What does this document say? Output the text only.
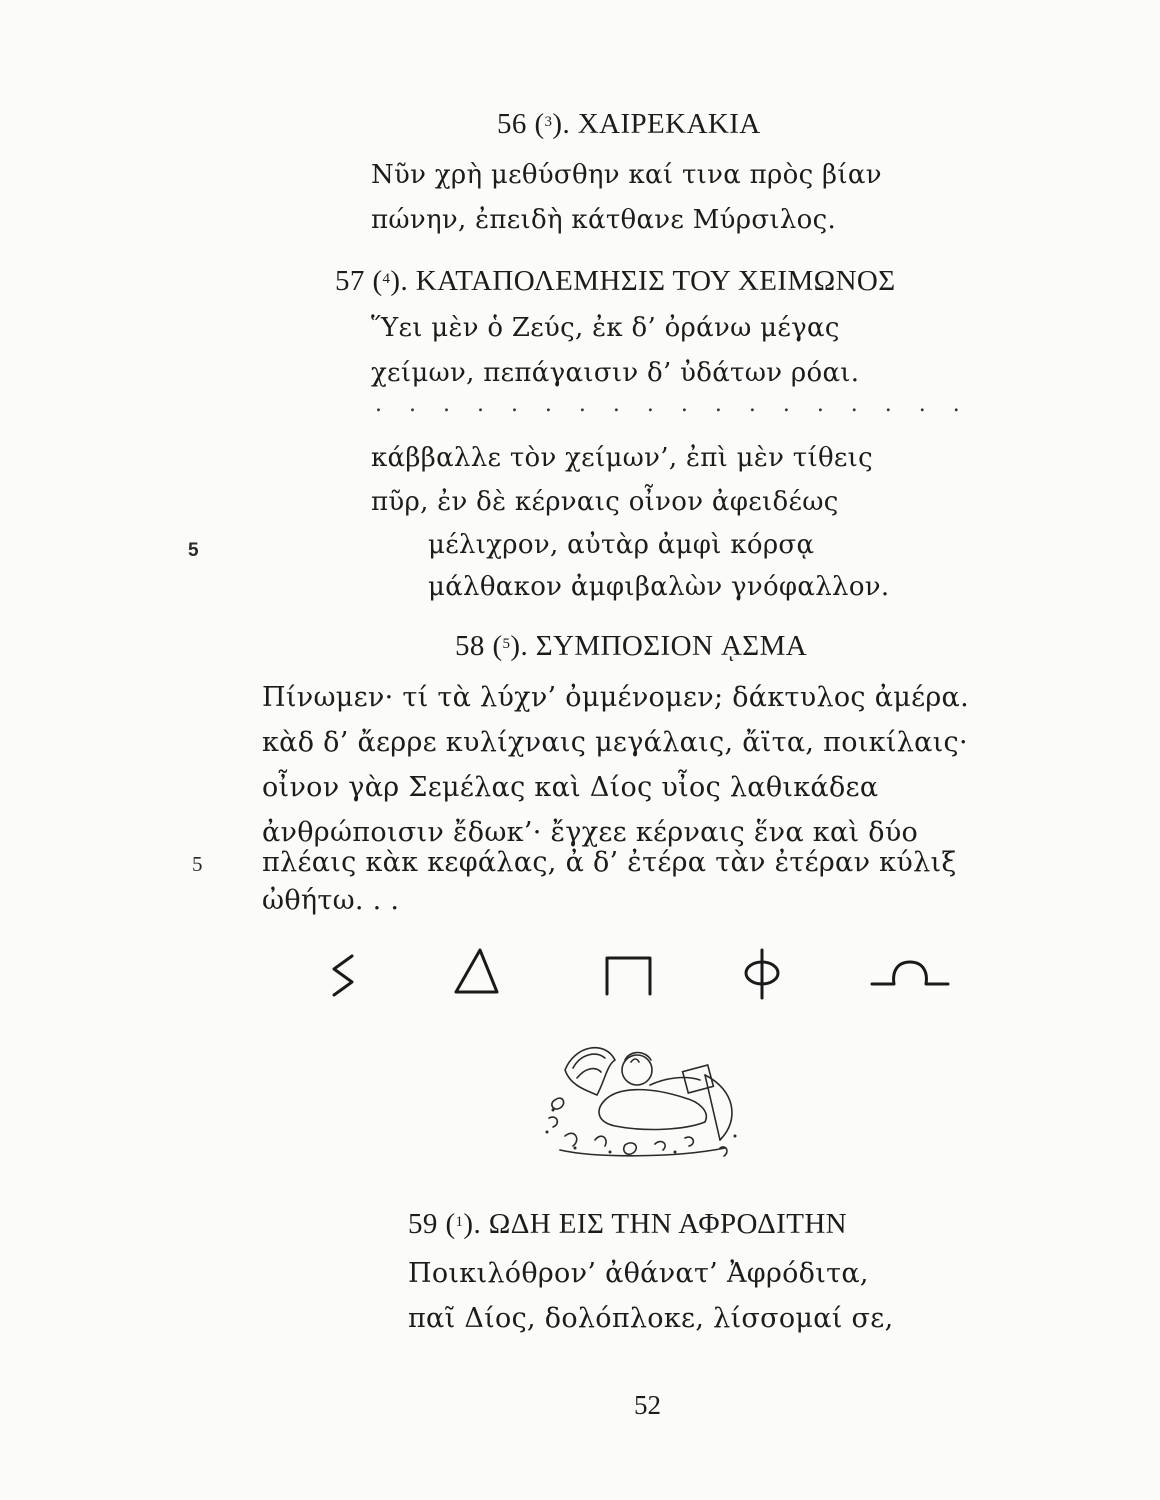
56 ($^3$). ΧΑΙΡΕΚΑΚΙΑ
Νῦν χρὴ μεθύσθην καί τινα πρὸς βίαν
πώνην, ἐπειδὴ κάτθανε Μύρσιλος.
57 ($^4$). ΚΑΤΑΠΟΛΕΜΗΣΙΣ ΤΟΥ ΧΕΙΜΩΝΟΣ
Ὕει μὲν ὁ Ζεύς, ἐκ δ’ ὀράνω μέγας
χείμων, πεπάγαισιν δ’ ὐδάτων ρόαι.
. . . . . . . . . . . . . . . . . .
κάββαλλε τὸν χείμων’, ἐπὶ μὲν τίθεις
πῦρ, ἐν δὲ κέρναις οἶνον ἀφειδέως
5	μέλιχρον, αὐτὰρ ἀμφὶ κόρσᾳ
μάλθακον ἀμφιβαλὼν γνόφαλλον.
58 ($^5$). ΣΥΜΠΟΣΙΟΝ ᾼΣΜΑ
Πίνωμεν· τί τὰ λύχν’ ὀμμένομεν; δάκτυλος ἀμέρα.
κὰδ δ’ ἄερρε κυλίχναις μεγάλαις, ἄϊτα, ποικίλαις·
οἶνον γὰρ Σεμέλας καὶ Δίος υἶος λαθικάδεα
ἀνθρώποισιν ἔδωκ’· ἔγχεε κέρναις ἕνα καὶ δύο
5 πλέαις κὰκ κεφάλας, ἀ δ’ ἐτέρα τὰν ἐτέραν κύλιξ
ὠθήτω. . .
59 ($^1$). ΩΔΗ ΕΙΣ ΤΗΝ ΑΦΡΟΔΙΤΗΝ
Ποικιλόθρον’ ἀθάνατ’ Ἀφρόδιτα,
παῖ Δίος, δολόπλοκε, λίσσομαί σε,
52
